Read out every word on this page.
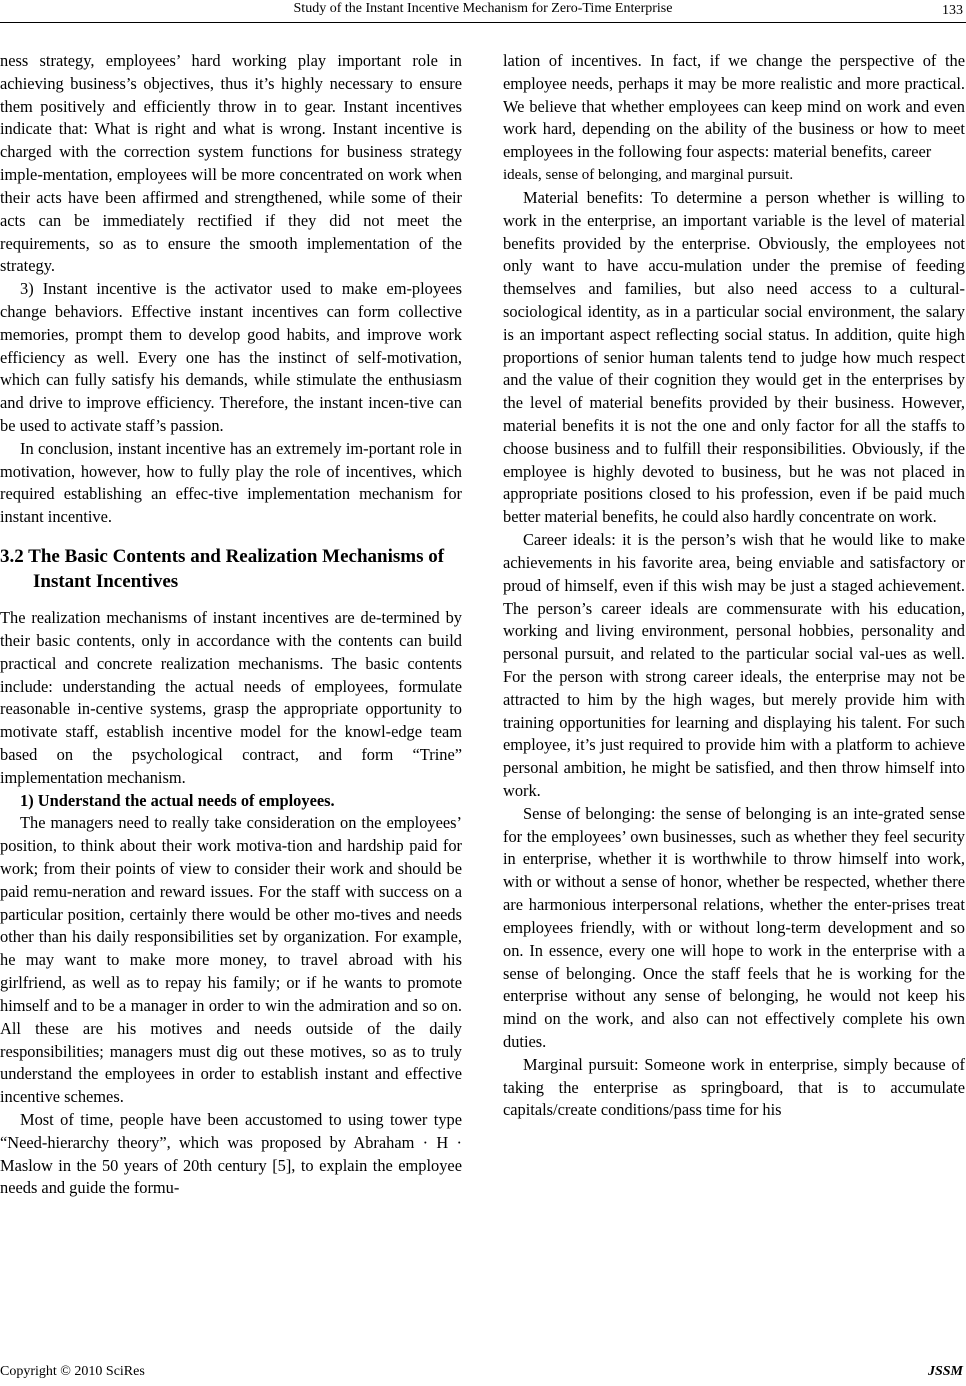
Study of the Instant Incentive Mechanism for Zero-Time Enterprise	133

ness strategy, employees’ hard working play important role in achieving business’s objectives, thus it’s highly necessary to ensure them positively and efficiently throw in to gear. Instant incentives indicate that: What is right and what is wrong. Instant incentive is charged with the correction system functions for business strategy imple-mentation, employees will be more concentrated on work when their acts have been affirmed and strengthened, while some of their acts can be immediately rectified if they did not meet the requirements, so as to ensure the smooth implementation of the strategy.

3) Instant incentive is the activator used to make em-ployees change behaviors. Effective instant incentives can form collective memories, prompt them to develop good habits, and improve work efficiency as well. Every one has the instinct of self-motivation, which can fully satisfy his demands, while stimulate the enthusiasm and drive to improve efficiency. Therefore, the instant incen-tive can be used to activate staff’s passion.

In conclusion, instant incentive has an extremely im-portant role in motivation, however, how to fully play the role of incentives, which required establishing an effec-tive implementation mechanism for instant incentive.

3.2 The Basic Contents and Realization Mechanisms of Instant Incentives

The realization mechanisms of instant incentives are de-termined by their basic contents, only in accordance with the contents can build practical and concrete realization mechanisms. The basic contents include: understanding the actual needs of employees, formulate reasonable in-centive systems, grasp the appropriate opportunity to motivate staff, establish incentive model for the knowl-edge team based on the psychological contract, and form “Trine” implementation mechanism.

1) Understand the actual needs of employees.

The managers need to really take consideration on the employees’ position, to think about their work motiva-tion and hardship paid for work; from their points of view to consider their work and should be paid remu-neration and reward issues. For the staff with success on a particular position, certainly there would be other mo-tives and needs other than his daily responsibilities set by organization. For example, he may want to make more money, to travel abroad with his girlfriend, as well as to repay his family; or if he wants to promote himself and to be a manager in order to win the admiration and so on. All these are his motives and needs outside of the daily responsibilities; managers must dig out these motives, so as to truly understand the employees in order to establish instant and effective incentive schemes.

Most of time, people have been accustomed to using tower type “Need-hierarchy theory”, which was proposed by Abraham · H · Maslow in the 50 years of 20th century [5], to explain the employee needs and guide the formu-

lation of incentives. In fact, if we change the perspective of the employee needs, perhaps it may be more realistic and more practical. We believe that whether employees can keep mind on work and even work hard, depending on the ability of the business or how to meet employees in the following four aspects: material benefits, career

ideals, sense of belonging, and marginal pursuit.

Material benefits: To determine a person whether is willing to work in the enterprise, an important variable is the level of material benefits provided by the enterprise. Obviously, the employees not only want to have accu-mulation under the premise of feeding themselves and families, but also need access to a cultural-sociological identity, as in a particular social environment, the salary is an important aspect reflecting social status. In addition, quite high proportions of senior human talents tend to judge how much respect and the value of their cognition they would get in the enterprises by the level of material benefits provided by their business. However, material benefits it is not the one and only factor for all the staffs to choose business and to fulfill their responsibilities. Obviously, if the employee is highly devoted to business, but he was not placed in appropriate positions closed to his profession, even if be paid much better material benefits, he could also hardly concentrate on work.

Career ideals: it is the person’s wish that he would like to make achievements in his favorite area, being enviable and satisfactory or proud of himself, even if this wish may be just a staged achievement. The person’s career ideals are commensurate with his education, working and living environment, personal hobbies, personality and personal pursuit, and related to the particular social val-ues as well. For the person with strong career ideals, the enterprise may not be attracted to him by the high wages, but merely provide him with training opportunities for learning and displaying his talent. For such employee, it’s just required to provide him with a platform to achieve personal ambition, he might be satisfied, and then throw himself into work.

Sense of belonging: the sense of belonging is an inte-grated sense for the employees’ own businesses, such as whether they feel security in enterprise, whether it is worthwhile to throw himself into work, with or without a sense of honor, whether be respected, whether there are harmonious interpersonal relations, whether the enter-prises treat employees friendly, with or without long-term development and so on. In essence, every one will hope to work in the enterprise with a sense of belonging. Once the staff feels that he is working for the enterprise without any sense of belonging, he would not keep his mind on the work, and also can not effectively complete his own duties.

Marginal pursuit: Someone work in enterprise, simply because of taking the enterprise as springboard, that is to accumulate capitals/create conditions/pass time for his

Copyright © 2010 SciRes	JSSM
